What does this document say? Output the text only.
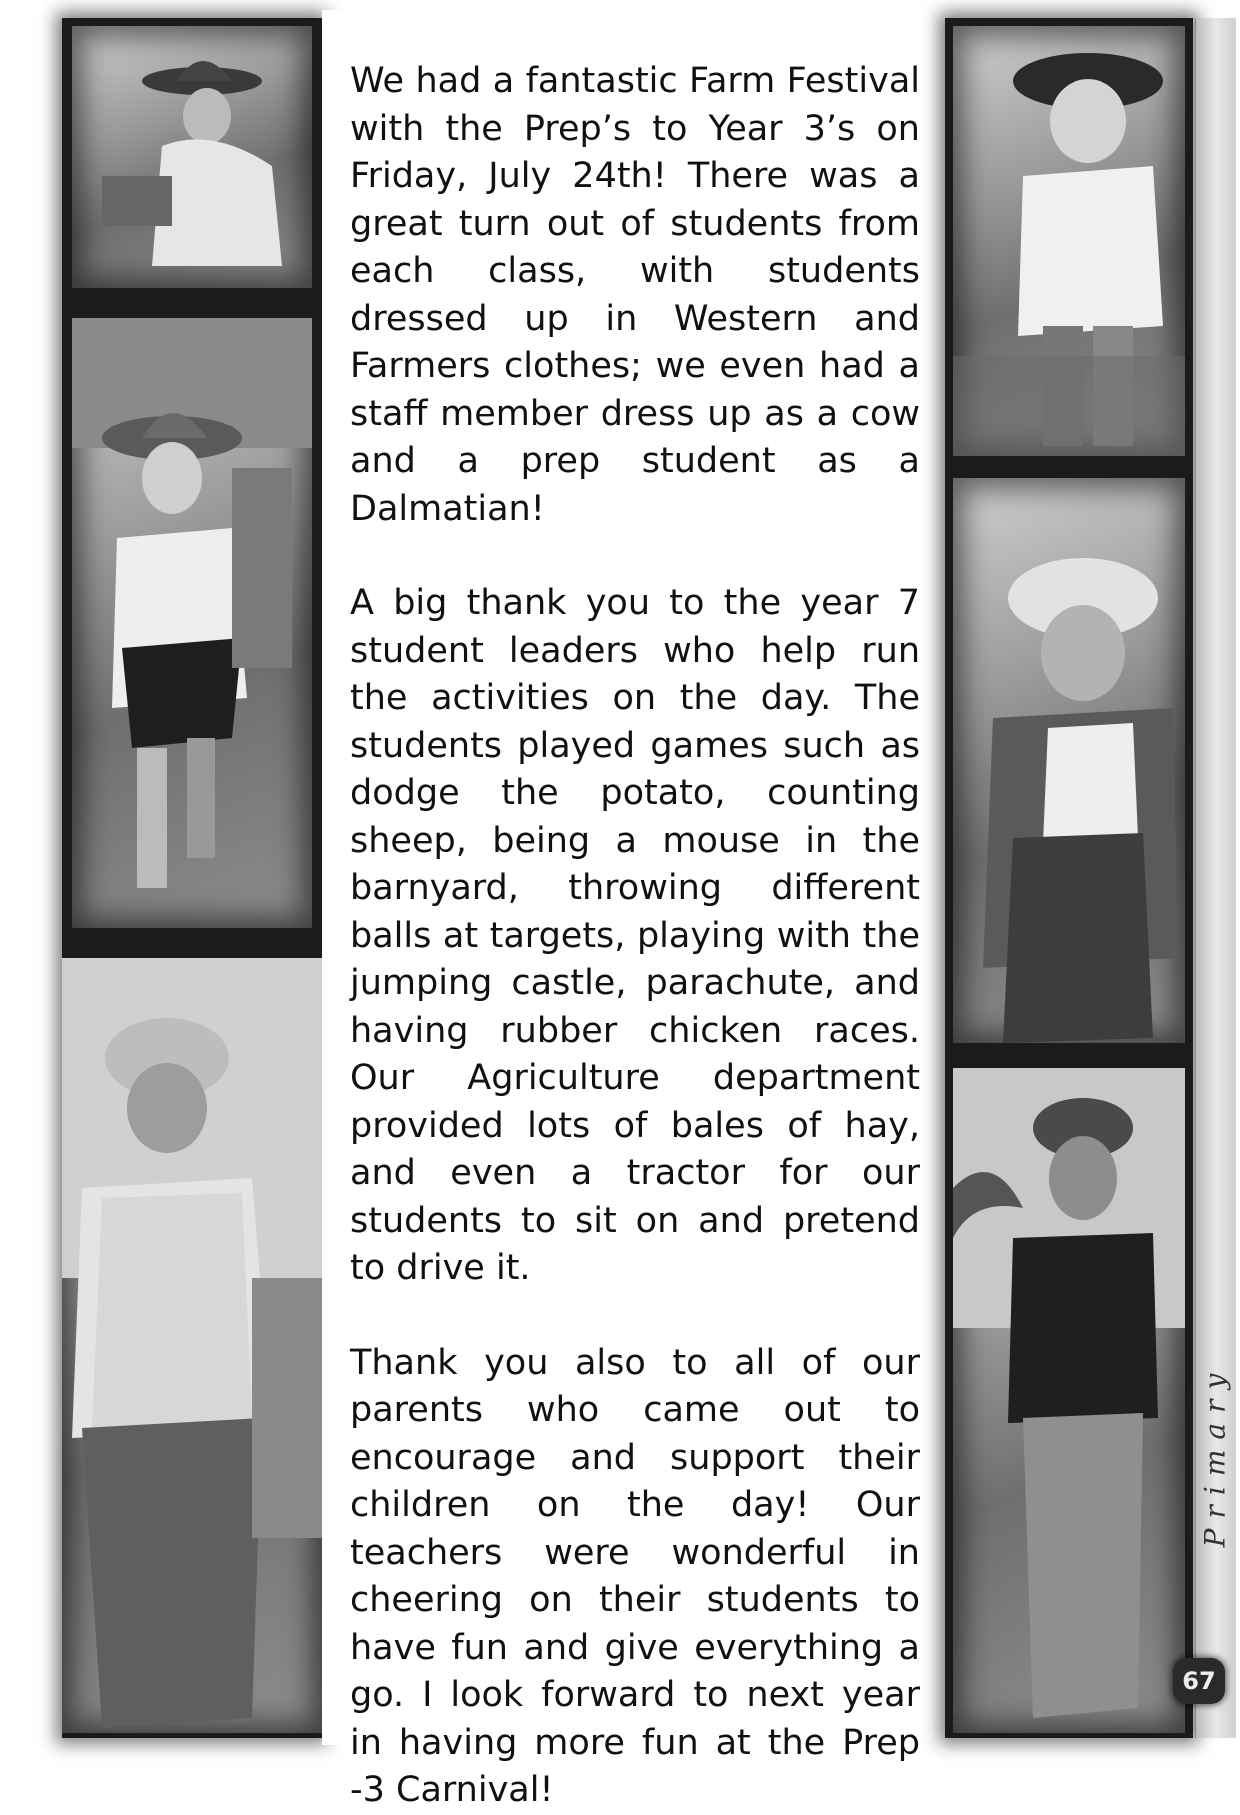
We had a fantastic Farm Festival with the Prep’s to Year 3’s on Friday, July 24th! There was a great turn out of students from each class, with students dressed up in Western and Farmers clothes; we even had a staff member dress up as a cow and a prep student as a Dalmatian!

A big thank you to the year 7 student leaders who help run the activities on the day. The students played games such as dodge the potato, counting sheep, being a mouse in the barnyard, throwing different balls at targets, playing with the jumping castle, parachute, and having rubber chicken races. Our Agriculture department provided lots of bales of hay, and even a tractor for our students to sit on and pretend to drive it.

Thank you also to all of our parents who came out to encourage and support their children on the day! Our teachers were wonderful in cheering on their students to have fun and give everything a go. I look forward to next year in having more fun at the Prep -3 Carnival!

Primary
67
